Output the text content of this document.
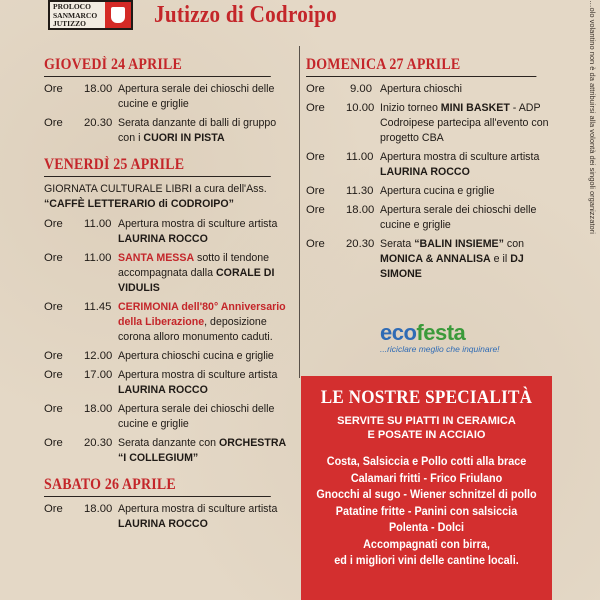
PROLOCO
SANMARCO
JUTIZZO	Jutizzo di Codroipo	…olo volantino non è da attribuirsi alla volontà dei singoli organizzatori
GIOVEDÌ 24 APRILE
Ore	18.00 Apertura serale dei chioschi delle cucine e griglie
Ore	20.30 Serata danzante di balli di gruppo con i CUORI IN PISTA
VENERDÌ 25 APRILE
GIORNATA CULTURALE LIBRI a cura dell'Ass. “CAFFÈ LETTERARIO di CODROIPO”
Ore	11.00 Apertura mostra di sculture artista LAURINA ROCCO
Ore	11.00 SANTA MESSA sotto il tendone accompagnata dalla CORALE DI VIDULIS
Ore	11.45 CERIMONIA dell'80° Anniversario della Liberazione, deposizione corona alloro monumento caduti.
Ore	12.00 Apertura chioschi cucina e griglie
Ore	17.00 Apertura mostra di sculture artista LAURINA ROCCO
Ore	18.00 Apertura serale dei chioschi delle cucine e griglie
Ore	20.30 Serata danzante con ORCHESTRA “I COLLEGIUM”
SABATO 26 APRILE
Ore	18.00 Apertura mostra di sculture artista LAURINA ROCCO
DOMENICA 27 APRILE
Ore	9.00 Apertura chioschi
Ore	10.00 Inizio torneo MINI BASKET - ADP Codroipese partecipa all'evento con progetto CBA
Ore	11.00 Apertura mostra di sculture artista LAURINA ROCCO
Ore	11.30 Apertura cucina e griglie
Ore	18.00 Apertura serale dei chioschi delle cucine e griglie
Ore	20.30 Serata “BALIN INSIEME” con MONICA & ANNALISA e il DJ SIMONE
ecofesta
...riciclare meglio che inquinare!
LE NOSTRE SPECIALITÀ
SERVITE SU PIATTI IN CERAMICA
E POSATE IN ACCIAIO
Costa, Salsiccia e Pollo cotti alla brace
Calamari fritti - Frico Friulano
Gnocchi al sugo - Wiener schnitzel di pollo
Patatine fritte - Panini con salsiccia
Polenta - Dolci
Accompagnati con birra,
ed i migliori vini delle cantine locali.
